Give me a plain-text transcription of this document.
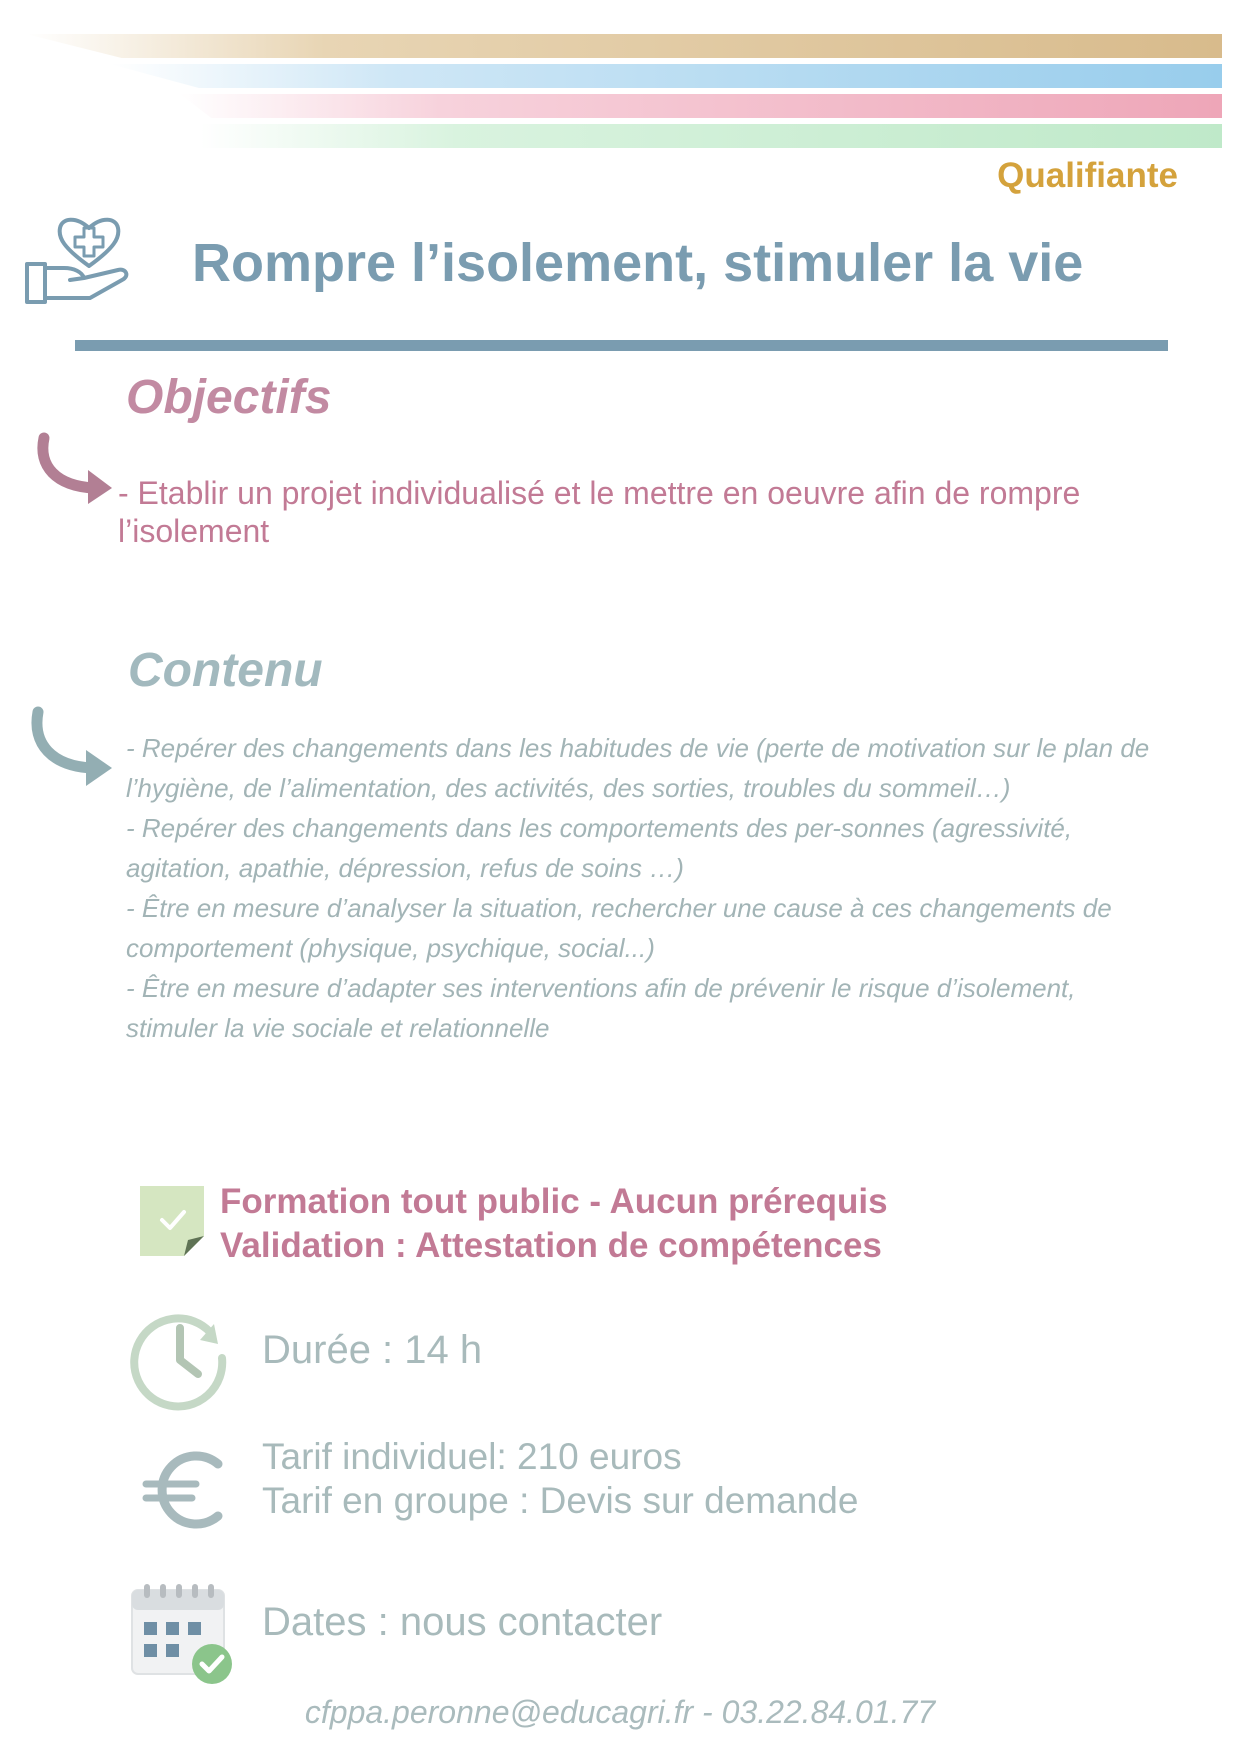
Qualifiante
Rompre l’isolement, stimuler la vie
Objectifs
- Etablir un projet individualisé et le mettre en oeuvre afin de rompre l’isolement
Contenu
- Repérer des changements dans les habitudes de vie (perte de motivation sur le plan de l’hygiène, de l’alimentation, des activités, des sorties, troubles du sommeil…)
- Repérer des changements dans les comportements des per-sonnes (agressivité, agitation, apathie, dépression, refus de soins …)
- Être en mesure d’analyser la situation, rechercher une cause à ces changements de comportement (physique, psychique, social...)
- Être en mesure d’adapter ses interventions afin de prévenir le risque d’isolement, stimuler la vie sociale et relationnelle
Formation tout public - Aucun prérequis
Validation : Attestation de compétences
Durée : 14 h
Tarif individuel: 210 euros
Tarif en groupe : Devis sur demande
Dates : nous contacter
cfppa.peronne@educagri.fr - 03.22.84.01.77
